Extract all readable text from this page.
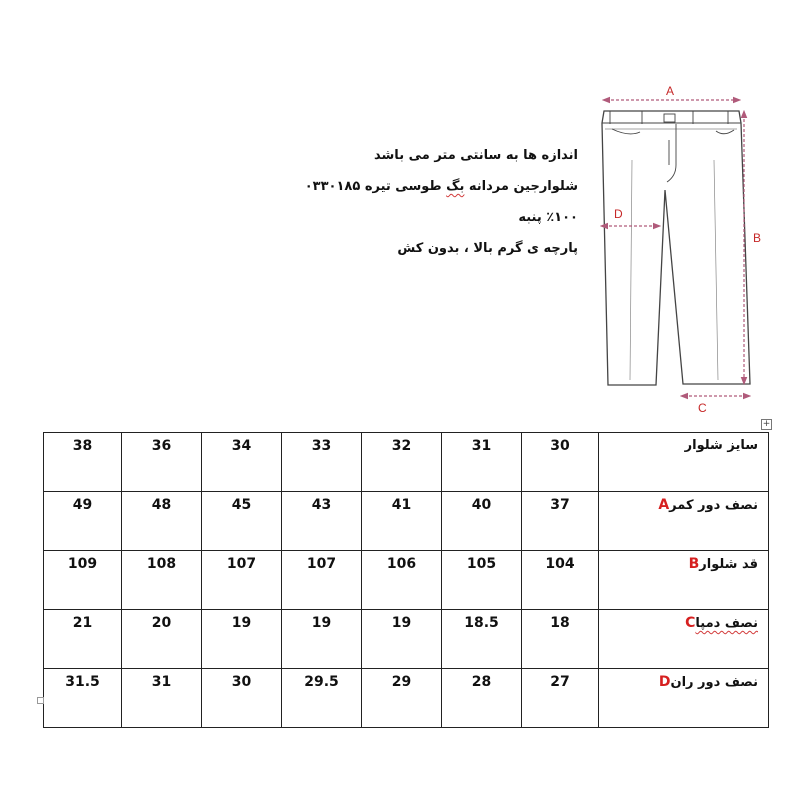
اندازه ها به سانتی متر می باشد
شلوارجین مردانه بگ طوسی تیره ۰۳۳۰۱۸۵
٪۱۰۰ پنبه
پارچه ی گرم بالا ، بدون کش
A
B
C
D
+
38	36	34	33	32	31	30	سایز شلوار
49	48	45	43	41	40	37	نصف دور کمرA
109	108	107	107	106	105	104	قد شلوارB
21	20	19	19	19	18.5	18	نصف دمپاC
31.5	31	30	29.5	29	28	27	نصف دور رانD
